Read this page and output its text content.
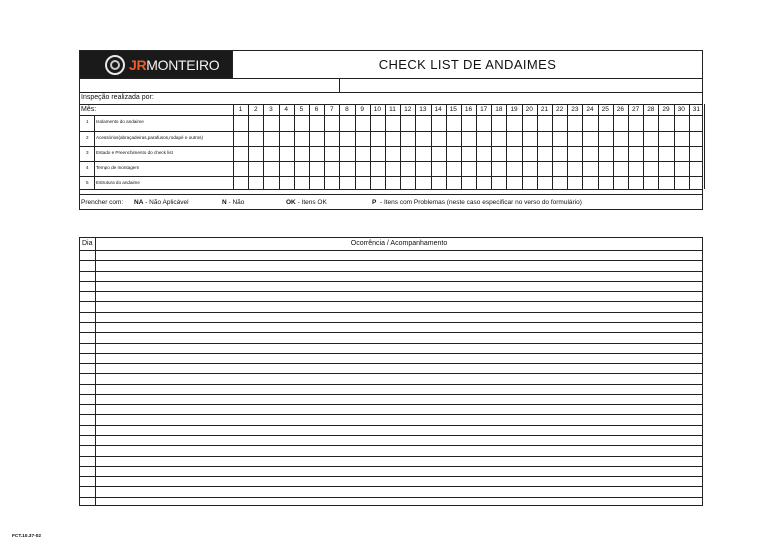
JRMONTEIRO	CHECK LIST DE ANDAIMES
Inspeção realizada por:
Mês:	1	2	3	4	5	6	7	8	9	10	11	12	13	14	15	16	17	18	19	20	21	22	23	24	25	26	27	28	29	30	31
1 Isolamento do andaime
2 Acessórios(abraçadeiras,parafusos,rodapé e outros)
3 Estado e Preenchimento do check list
4 Tempo de montagem
5 Estrutura do andaime
Prencher com: NA - Não Aplicável	N - Não	OK - Itens OK	P - Itens com Problemas (neste caso especificar no verso do formulário)
Dia	Ocorrência / Acompanhamento
FCT.10.37-02
